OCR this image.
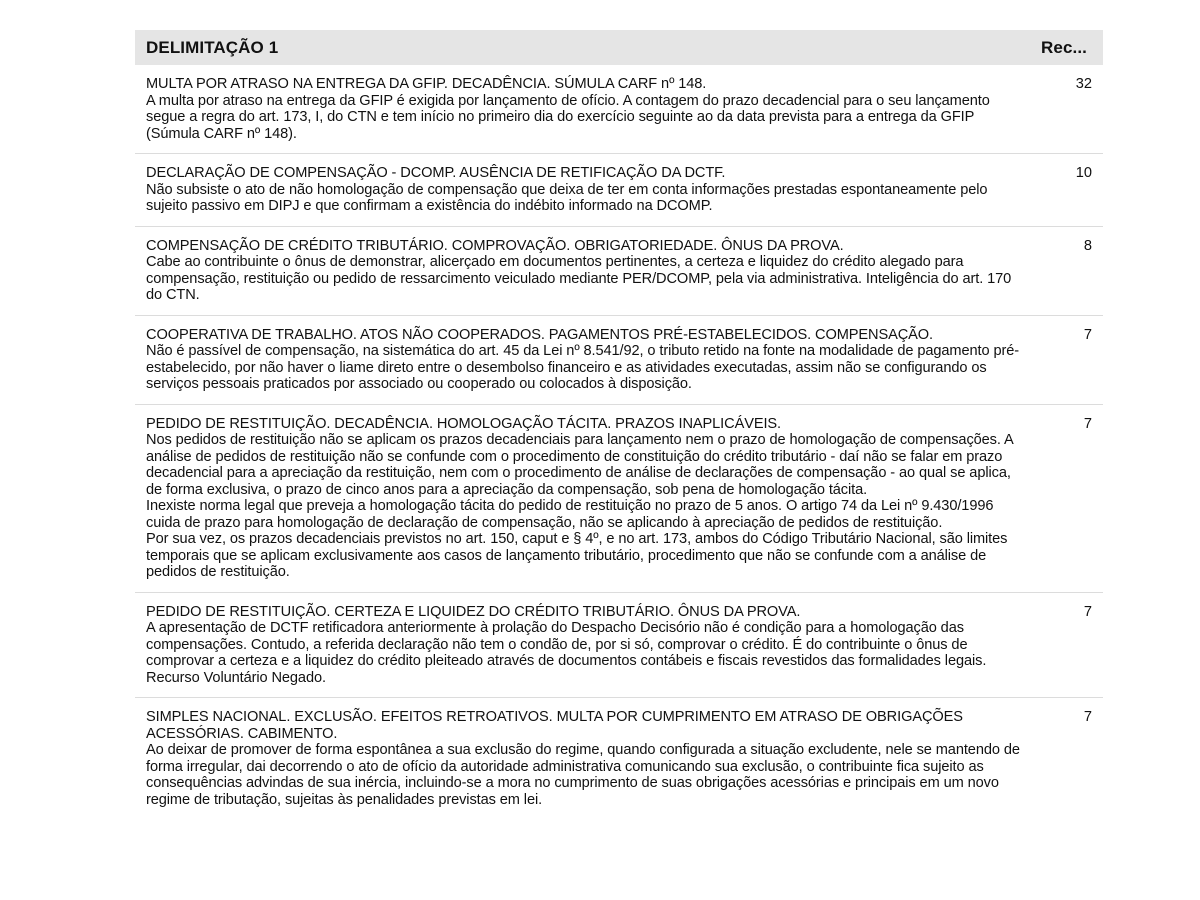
DELIMITAÇÃO 1	Rec...
MULTA POR ATRASO NA ENTREGA DA GFIP. DECADÊNCIA. SÚMULA CARF nº 148.
A multa por atraso na entrega da GFIP é exigida por lançamento de ofício. A contagem do prazo decadencial para o seu lançamento segue a regra do art. 173, I, do CTN e tem início no primeiro dia do exercício seguinte ao da data prevista para a entrega da GFIP (Súmula CARF nº 148).
32
DECLARAÇÃO DE COMPENSAÇÃO - DCOMP. AUSÊNCIA DE RETIFICAÇÃO DA DCTF.
Não subsiste o ato de não homologação de compensação que deixa de ter em conta informações prestadas espontaneamente pelo sujeito passivo em DIPJ e que confirmam a existência do indébito informado na DCOMP.
10
COMPENSAÇÃO DE CRÉDITO TRIBUTÁRIO. COMPROVAÇÃO. OBRIGATORIEDADE. ÔNUS DA PROVA.
Cabe ao contribuinte o ônus de demonstrar, alicerçado em documentos pertinentes, a certeza e liquidez do crédito alegado para compensação, restituição ou pedido de ressarcimento veiculado mediante PER/DCOMP, pela via administrativa. Inteligência do art. 170 do CTN.
8
COOPERATIVA DE TRABALHO. ATOS NÃO COOPERADOS. PAGAMENTOS PRÉ-ESTABELECIDOS. COMPENSAÇÃO.
Não é passível de compensação, na sistemática do art. 45 da Lei nº 8.541/92, o tributo retido na fonte na modalidade de pagamento pré-estabelecido, por não haver o liame direto entre o desembolso financeiro e as atividades executadas, assim não se configurando os serviços pessoais praticados por associado ou cooperado ou colocados à disposição.
7
PEDIDO DE RESTITUIÇÃO. DECADÊNCIA. HOMOLOGAÇÃO TÁCITA. PRAZOS INAPLICÁVEIS.
Nos pedidos de restituição não se aplicam os prazos decadenciais para lançamento nem o prazo de homologação de compensações. A análise de pedidos de restituição não se confunde com o procedimento de constituição do crédito tributário - daí não se falar em prazo decadencial para a apreciação da restituição, nem com o procedimento de análise de declarações de compensação - ao qual se aplica, de forma exclusiva, o prazo de cinco anos para a apreciação da compensação, sob pena de homologação tácita.
Inexiste norma legal que preveja a homologação tácita do pedido de restituição no prazo de 5 anos. O artigo 74 da Lei nº 9.430/1996 cuida de prazo para homologação de declaração de compensação, não se aplicando à apreciação de pedidos de restituição.
Por sua vez, os prazos decadenciais previstos no art. 150, caput e § 4º, e no art. 173, ambos do Código Tributário Nacional, são limites temporais que se aplicam exclusivamente aos casos de lançamento tributário, procedimento que não se confunde com a análise de pedidos de restituição.
7
PEDIDO DE RESTITUIÇÃO. CERTEZA E LIQUIDEZ DO CRÉDITO TRIBUTÁRIO. ÔNUS DA PROVA.
A apresentação de DCTF retificadora anteriormente à prolação do Despacho Decisório não é condição para a homologação das compensações. Contudo, a referida declaração não tem o condão de, por si só, comprovar o crédito. É do contribuinte o ônus de comprovar a certeza e a liquidez do crédito pleiteado através de documentos contábeis e fiscais revestidos das formalidades legais.
Recurso Voluntário Negado.
7
SIMPLES NACIONAL. EXCLUSÃO. EFEITOS RETROATIVOS. MULTA POR CUMPRIMENTO EM ATRASO DE OBRIGAÇÕES ACESSÓRIAS. CABIMENTO.
Ao deixar de promover de forma espontânea a sua exclusão do regime, quando configurada a situação excludente, nele se mantendo de forma irregular, dai decorrendo o ato de ofício da autoridade administrativa comunicando sua exclusão, o contribuinte fica sujeito as consequências advindas de sua inércia, incluindo-se a mora no cumprimento de suas obrigações acessórias e principais em um novo regime de tributação, sujeitas às penalidades previstas em lei.
7
